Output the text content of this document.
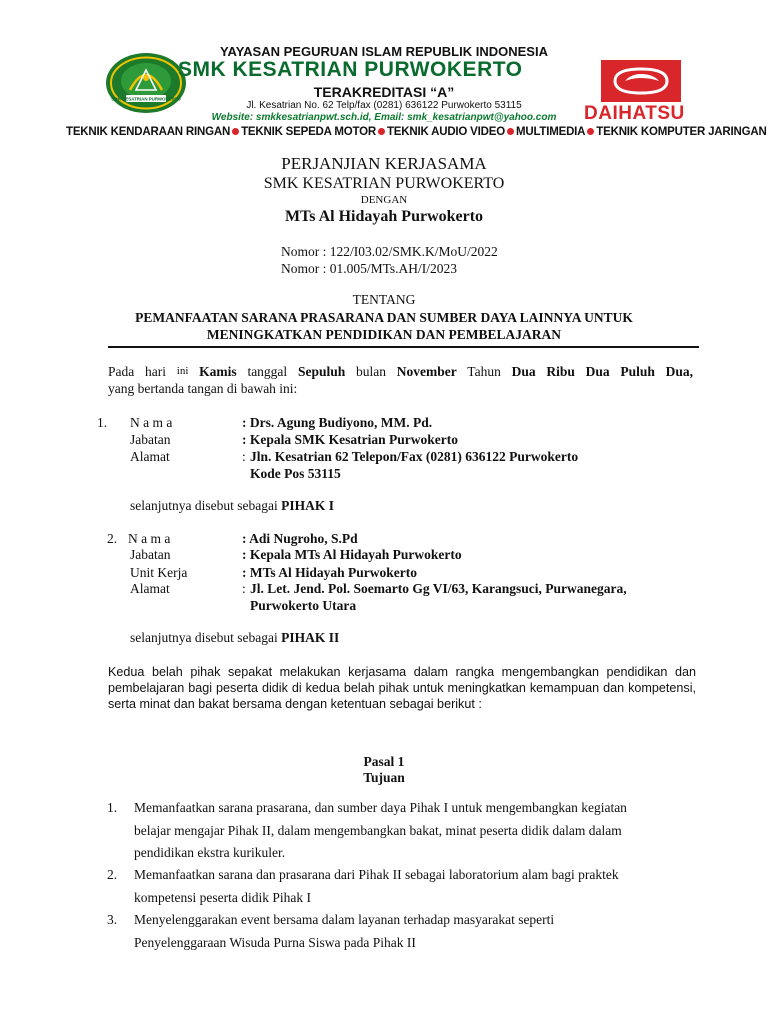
YAYASAN PEGURUAN ISLAM REPUBLIK INDONESIA
SMK KESATRIAN PURWOKERTO
SMK KESATRIAN PURWOKERTO
TERAKREDITASI “A”
Jl. Kesatrian No. 62 Telp/fax (0281) 636122 Purwokerto 53115
Website: smkkesatrianpwt.sch.id, Email: smk_kesatrianpwt@yahoo.com
TEKNIK KENDARAAN RINGAN TEKNIK SEPEDA MOTOR TEKNIK AUDIO VIDEO MULTIMEDIA TEKNIK KOMPUTER JARINGAN
DAIHATSU
PERJANJIAN KERJASAMA
SMK KESATRIAN PURWOKERTO
DENGAN
MTs Al Hidayah Purwokerto
Nomor : 122/I03.02/SMK.K/MoU/2022
Nomor : 01.005/MTs.AH/I/2023
TENTANG
PEMANFAATAN SARANA PRASARANA DAN SUMBER DAYA LAINNYA UNTUK
MENINGKATKAN PENDIDIKAN DAN PEMBELAJARAN
Pada hari ini Kamis tanggal Sepuluh bulan November Tahun Dua Ribu Dua Puluh Dua,
yang bertanda tangan di bawah ini:
1. N a m a	: Drs. Agung Budiyono, MM. Pd.
Jabatan	: Kepala SMK Kesatrian Purwokerto
Alamat	: Jln. Kesatrian 62 Telepon/Fax (0281) 636122 Purwokerto
Kode Pos 53115
selanjutnya disebut sebagai PIHAK I
2. N a m a	: Adi Nugroho, S.Pd
Jabatan	: Kepala MTs Al Hidayah Purwokerto
Unit Kerja	: MTs Al Hidayah Purwokerto
Alamat	: Jl. Let. Jend. Pol. Soemarto Gg VI/63, Karangsuci, Purwanegara,
Purwokerto Utara
selanjutnya disebut sebagai PIHAK II
Kedua belah pihak sepakat melakukan kerjasama dalam rangka mengembangkan pendidikan dan pembelajaran bagi peserta didik di kedua belah pihak untuk meningkatkan kemampuan dan kompetensi, serta minat dan bakat bersama dengan ketentuan sebagai berikut :
Pasal 1
Tujuan
1. Memanfaatkan sarana prasarana, dan sumber daya Pihak I untuk mengembangkan kegiatan
belajar mengajar Pihak II, dalam mengembangkan bakat, minat peserta didik dalam dalam
pendidikan ekstra kurikuler.
2. Memanfaatkan sarana dan prasarana dari Pihak II sebagai laboratorium alam bagi praktek
kompetensi peserta didik Pihak I
3. Menyelenggarakan event bersama dalam layanan terhadap masyarakat seperti
Penyelenggaraan Wisuda Purna Siswa pada Pihak II
